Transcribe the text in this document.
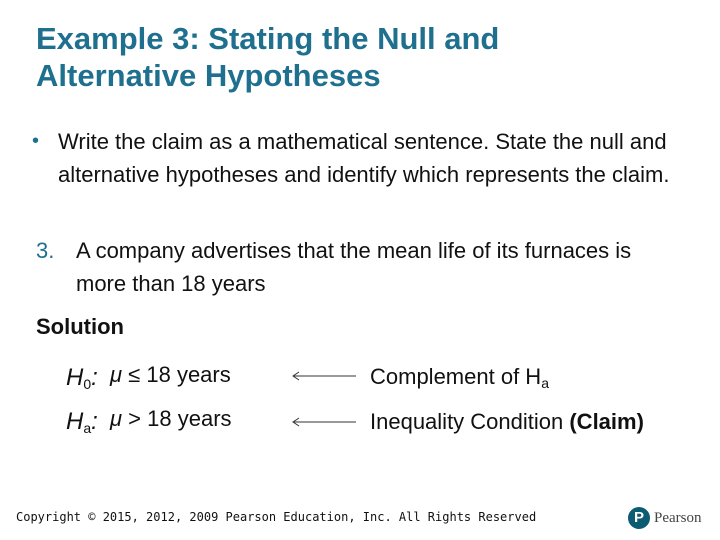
Example 3: Stating the Null and
Alternative Hypotheses
• Write the claim as a mathematical sentence. State the null and alternative hypotheses and identify which represents the claim.
3. A company advertises that the mean life of its furnaces is more than 18 years
Solution
$H_0$: μ ≤ 18 years	Complement of $H_a$
$H_a$: μ > 18 years	Inequality Condition (Claim)
Copyright © 2015, 2012, 2009 Pearson Education, Inc. All Rights Reserved	P Pearson
